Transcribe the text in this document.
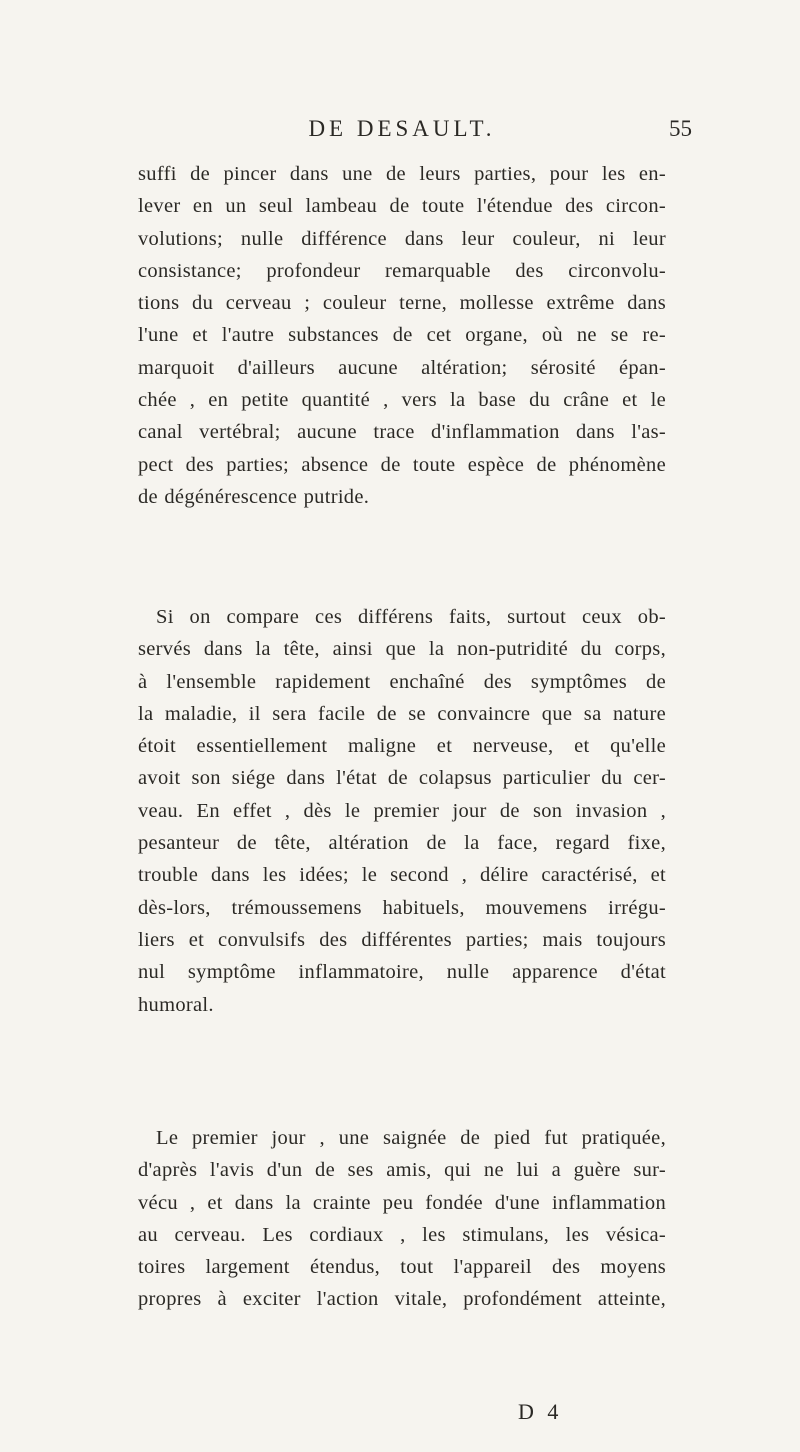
DE DESAULT.	55
suffi de pincer dans une de leurs parties, pour les en-
lever en un seul lambeau de toute l'étendue des circon-
volutions; nulle différence dans leur couleur, ni leur
consistance; profondeur remarquable des circonvolu-
tions du cerveau ; couleur terne, mollesse extrême dans
l'une et l'autre substances de cet organe, où ne se re-
marquoit d'ailleurs aucune altération; sérosité épan-
chée , en petite quantité , vers la base du crâne et le
canal vertébral; aucune trace d'inflammation dans l'as-
pect des parties; absence de toute espèce de phénomène
de dégénérescence putride.
Si on compare ces différens faits, surtout ceux ob-
servés dans la tête, ainsi que la non-putridité du corps,
à l'ensemble rapidement enchaîné des symptômes de
la maladie, il sera facile de se convaincre que sa nature
étoit essentiellement maligne et nerveuse, et qu'elle
avoit son siége dans l'état de colapsus particulier du cer-
veau. En effet , dès le premier jour de son invasion ,
pesanteur de tête, altération de la face, regard fixe,
trouble dans les idées; le second , délire caractérisé, et
dès-lors, trémoussemens habituels, mouvemens irrégu-
liers et convulsifs des différentes parties; mais toujours
nul symptôme inflammatoire, nulle apparence d'état
humoral.
Le premier jour , une saignée de pied fut pratiquée,
d'après l'avis d'un de ses amis, qui ne lui a guère sur-
vécu , et dans la crainte peu fondée d'une inflammation
au cerveau. Les cordiaux , les stimulans, les vésica-
toires largement étendus, tout l'appareil des moyens
propres à exciter l'action vitale, profondément atteinte,
D 4
